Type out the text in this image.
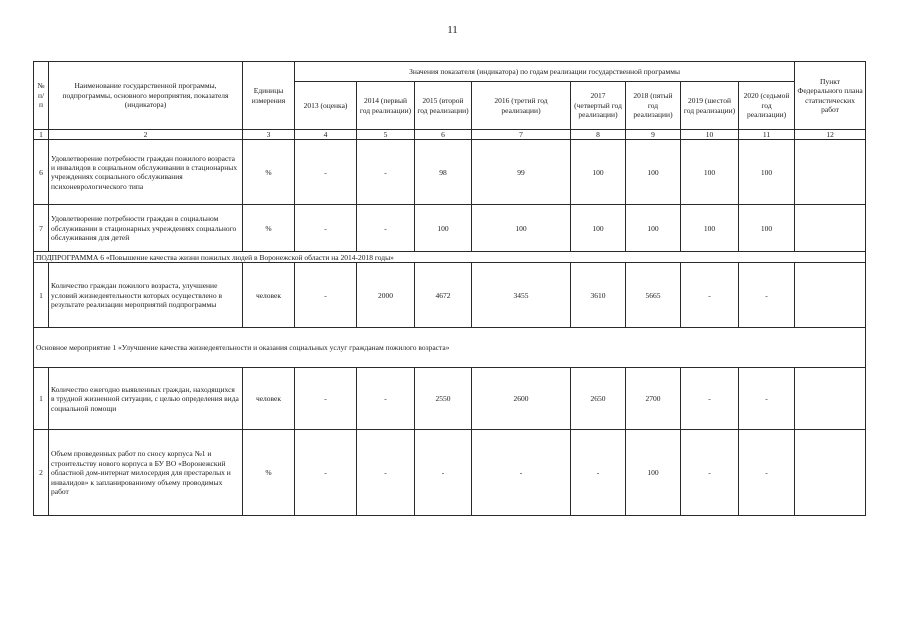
11
№ п/п	Наименование государственной программы, подпрограммы, основного мероприятия, показателя (индикатора)	Единицы измерения	Значения показателя (индикатора) по годам реализации государственной программы								Пункт Федерального плана статистических работ
			2013 (оценка)	2014 (первый год реализации)	2015 (второй год реализации)	2016 (третий год реализации)	2017 (четвертый год реализации)	2018 (пятый год реализации)	2019 (шестой год реализации)	2020 (седьмой год реализации)	
1	2	3	4	5	6	7	8	9	10	11	12
6	Удовлетворение потребности граждан пожилого возраста и инвалидов в социальном обслуживании в стационарных учреждениях социального обслуживания психоневрологического типа	%	-	-	98	99	100	100	100	100	
7	Удовлетворение потребности граждан в социальном обслуживании в стационарных учреждениях социального обслуживания для детей	%	-	-	100	100	100	100	100	100	
ПОДПРОГРАММА 6 «Повышение качества жизни пожилых людей в Воронежской области на 2014-2018 годы»											
1	Количество граждан пожилого возраста, улучшение условий жизнедеятельности которых осуществлено в результате реализации мероприятий подпрограммы	человек	-	2000	4672	3455	3610	5665	-	-	
Основное мероприятие 1 «Улучшение качества жизнедеятельности и оказания социальных услуг гражданам пожилого возраста»											
1	Количество ежегодно выявленных граждан, находящихся в трудной жизненной ситуации, с целью определения вида социальной помощи	человек	-	-	2550	2600	2650	2700	-	-	
2	Объем проведенных работ по сносу корпуса №1 и строительству нового корпуса в БУ ВО «Воронежский областной дом-интернат милосердия для престарелых и инвалидов» к запланированному объему проводимых работ	%	-	-	-	-	-	100	-	-	
